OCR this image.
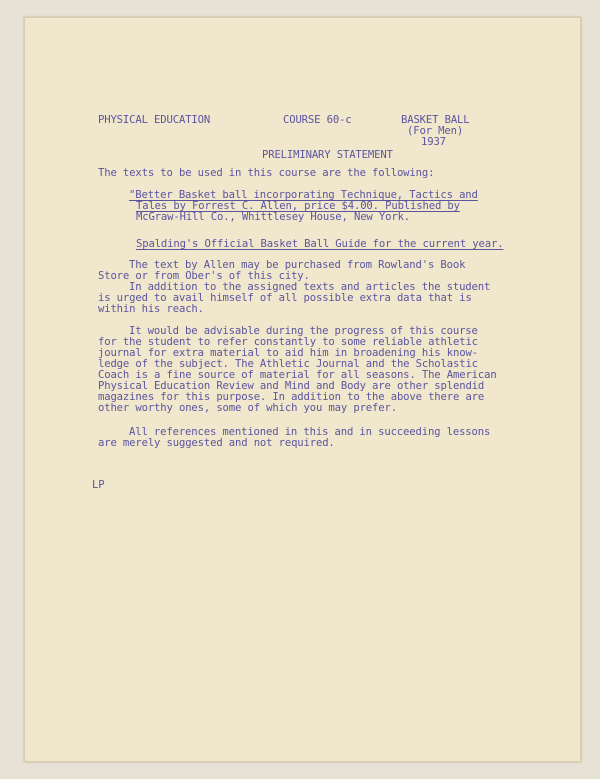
PHYSICAL EDUCATION	COURSE 60-c	BASKET BALL
(For Men)
1937
PRELIMINARY STATEMENT
The texts to be used in this course are the following:
"Better Basket ball incorporating Technique, Tactics and
Tales by Forrest C. Allen, price $4.00. Published by
McGraw-Hill Co., Whittlesey House, New York.
Spalding's Official Basket Ball Guide for the current year.
The text by Allen may be purchased from Rowland's Book
Store or from Ober's of this city.
In addition to the assigned texts and articles the student
is urged to avail himself of all possible extra data that is
within his reach.
It would be advisable during the progress of this course
for the student to refer constantly to some reliable athletic
journal for extra material to aid him in broadening his know-
ledge of the subject. The Athletic Journal and the Scholastic
Coach is a fine source of material for all seasons. The American
Physical Education Review and Mind and Body are other splendid
magazines for this purpose. In addition to the above there are
other worthy ones, some of which you may prefer.
All references mentioned in this and in succeeding lessons
are merely suggested and not required.
LP
